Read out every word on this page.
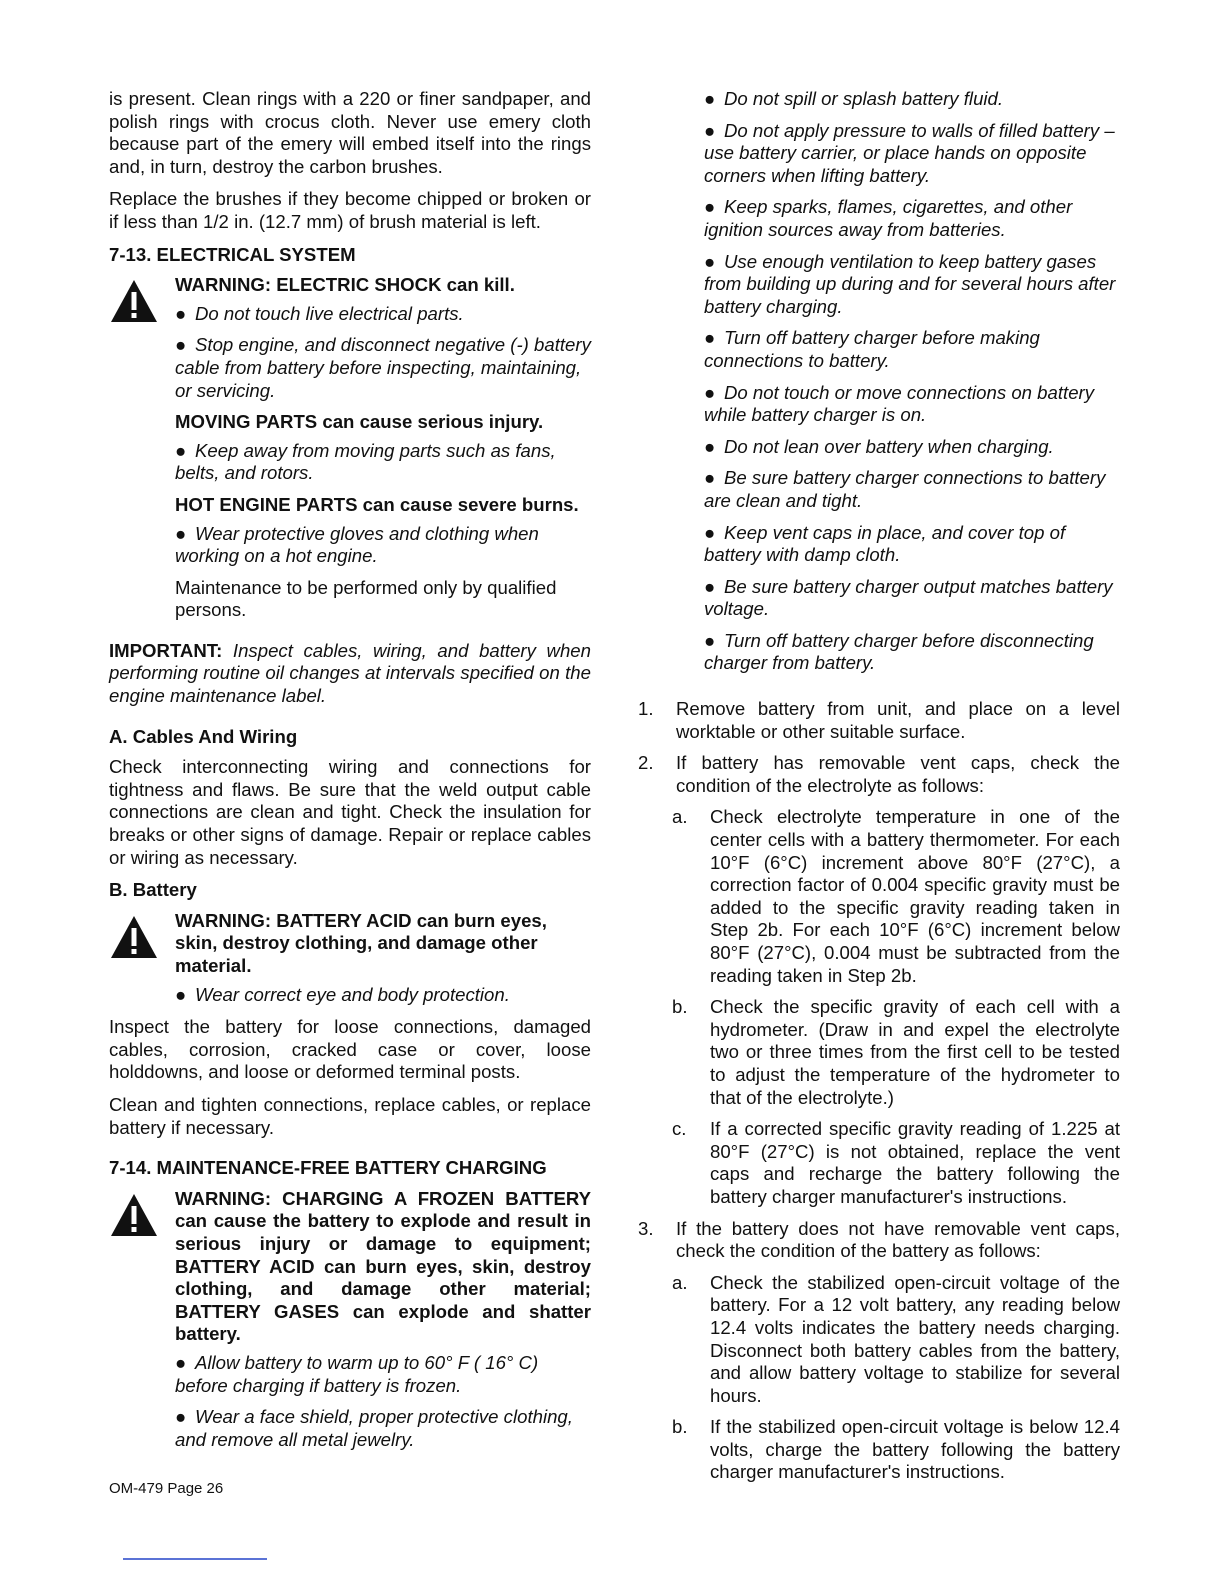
is present. Clean rings with a 220 or finer sandpaper, and polish rings with crocus cloth. Never use emery cloth because part of the emery will embed itself into the rings and, in turn, destroy the carbon brushes.

Replace the brushes if they become chipped or broken or if less than 1/2 in. (12.7 mm) of brush material is left.

7-13. ELECTRICAL SYSTEM
WARNING: ELECTRIC SHOCK can kill.
● Do not touch live electrical parts.
● Stop engine, and disconnect negative (-) battery cable from battery before inspecting, maintaining, or servicing.
MOVING PARTS can cause serious injury.
● Keep away from moving parts such as fans, belts, and rotors.
HOT ENGINE PARTS can cause severe burns.
● Wear protective gloves and clothing when working on a hot engine.
Maintenance to be performed only by qualified persons.

IMPORTANT: Inspect cables, wiring, and battery when performing routine oil changes at intervals specified on the engine maintenance label.

A. Cables And Wiring

Check interconnecting wiring and connections for tightness and flaws. Be sure that the weld output cable connections are clean and tight. Check the insulation for breaks or other signs of damage. Repair or replace cables or wiring as necessary.

B. Battery
WARNING: BATTERY ACID can burn eyes, skin, destroy clothing, and damage other material.
● Wear correct eye and body protection.

Inspect the battery for loose connections, damaged cables, corrosion, cracked case or cover, loose holddowns, and loose or deformed terminal posts.

Clean and tighten connections, replace cables, or replace battery if necessary.

7-14. MAINTENANCE-FREE BATTERY CHARGING
WARNING: CHARGING A FROZEN BATTERY can cause the battery to explode and result in serious injury or damage to equipment; BATTERY ACID can burn eyes, skin, destroy clothing, and damage other material; BATTERY GASES can explode and shatter battery.
● Allow battery to warm up to 60° F ( 16° C) before charging if battery is frozen.
● Wear a face shield, proper protective clothing, and remove all metal jewelry.
● Do not spill or splash battery fluid.
● Do not apply pressure to walls of filled battery – use battery carrier, or place hands on opposite corners when lifting battery.
● Keep sparks, flames, cigarettes, and other ignition sources away from batteries.
● Use enough ventilation to keep battery gases from building up during and for several hours after battery charging.
● Turn off battery charger before making connections to battery.
● Do not touch or move connections on battery while battery charger is on.
● Do not lean over battery when charging.
● Be sure battery charger connections to battery are clean and tight.
● Keep vent caps in place, and cover top of battery with damp cloth.
● Be sure battery charger output matches battery voltage.
● Turn off battery charger before disconnecting charger from battery.
1. Remove battery from unit, and place on a level worktable or other suitable surface.
2. If battery has removable vent caps, check the condition of the electrolyte as follows:
a. Check electrolyte temperature in one of the center cells with a battery thermometer. For each 10°F (6°C) increment above 80°F (27°C), a correction factor of 0.004 specific gravity must be added to the specific gravity reading taken in Step 2b. For each 10°F (6°C) increment below 80°F (27°C), 0.004 must be subtracted from the reading taken in Step 2b.
b. Check the specific gravity of each cell with a hydrometer. (Draw in and expel the electrolyte two or three times from the first cell to be tested to adjust the temperature of the hydrometer to that of the electrolyte.)
c. If a corrected specific gravity reading of 1.225 at 80°F (27°C) is not obtained, replace the vent caps and recharge the battery following the battery charger manufacturer's instructions.
3. If the battery does not have removable vent caps, check the condition of the battery as follows:
a. Check the stabilized open-circuit voltage of the battery. For a 12 volt battery, any reading below 12.4 volts indicates the battery needs charging. Disconnect both battery cables from the battery, and allow battery voltage to stabilize for several hours.
b. If the stabilized open-circuit voltage is below 12.4 volts, charge the battery following the battery charger manufacturer's instructions.
OM-479 Page 26
